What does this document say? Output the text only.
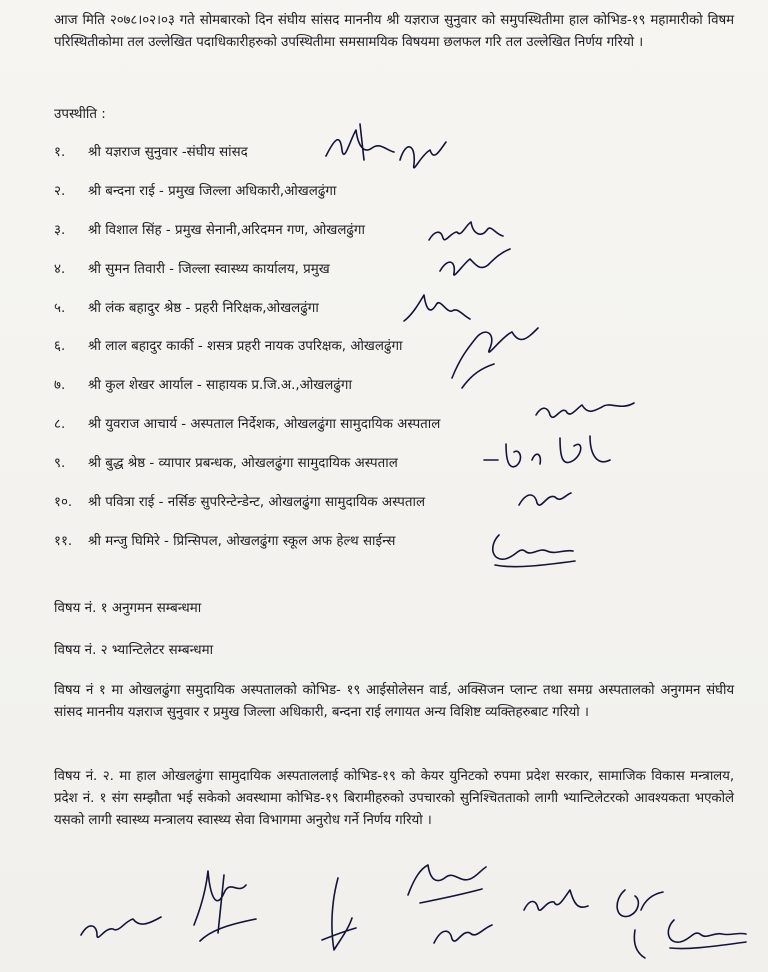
आज मिति २०७८।०२।०३ गते सोमबारको दिन संघीय सांसद माननीय श्री यज्ञराज सुनुवार को समुपस्थितीमा हाल कोभिड-१९ महामारीको विषम परिस्थितीकोमा तल उल्लेखित पदाधिकारीहरुको उपस्थितीमा समसामयिक विषयमा छलफल गरि तल उल्लेखित निर्णय गरियो ।
उपस्थीति :
१. श्री यज्ञराज सुनुवार -संघीय सांसद
२. श्री बन्दना राई - प्रमुख जिल्ला अधिकारी,ओखलढुंगा
३. श्री विशाल सिंह - प्रमुख सेनानी,अरिदमन गण, ओखलढुंगा
४. श्री सुमन तिवारी - जिल्ला स्वास्थ्य कार्यालय, प्रमुख
५. श्री लंक बहादुर श्रेष्ठ - प्रहरी निरिक्षक,ओखलढुंगा
६. श्री लाल बहादुर कार्की - शसत्र प्रहरी नायक उपरिक्षक, ओखलढुंगा
७. श्री कुल शेखर आर्याल - साहायक प्र.जि.अ.,ओखलढुंगा
८. श्री युवराज आचार्य - अस्पताल निर्देशक, ओखलढुंगा सामुदायिक अस्पताल
९. श्री बुद्ध श्रेष्ठ - व्यापार प्रबन्धक, ओखलढुंगा सामुदायिक अस्पताल
१०. श्री पवित्रा राई - नर्सिङ सुपरिन्टेन्डेन्ट, ओखलढुंगा सामुदायिक अस्पताल
११. श्री मन्जु घिमिरे - प्रिन्सिपल, ओखलढुंगा स्कूल अफ हेल्थ साईन्स
विषय नं. १ अनुगमन सम्बन्धमा
विषय नं. २ भ्यान्टिलेटर सम्बन्धमा
विषय नं १ मा ओखलढुंगा समुदायिक अस्पतालको कोभिड- १९ आईसोलेसन वार्ड, अक्सिजन प्लान्ट तथा समग्र अस्पतालको अनुगमन संघीय सांसद माननीय यज्ञराज सुनुवार र प्रमुख जिल्ला अधिकारी, बन्दना राई लगायत अन्य विशिष्ट व्यक्तिहरुबाट गरियो ।
विषय नं. २. मा हाल ओखलढुंगा सामुदायिक अस्पताललाई कोभिड-१९ को केयर युनिटको रुपमा प्रदेश सरकार, सामाजिक विकास मन्त्रालय, प्रदेश नं. १ संग सम्झौता भई सकेको अवस्थामा कोभिड-१९ बिरामीहरुको उपचारको सुनिश्चितताको लागी भ्यान्टिलेटरको आवश्यकता भएकोले यसको लागी स्वास्थ्य मन्त्रालय स्वास्थ्य सेवा विभागमा अनुरोध गर्ने निर्णय गरियो ।
